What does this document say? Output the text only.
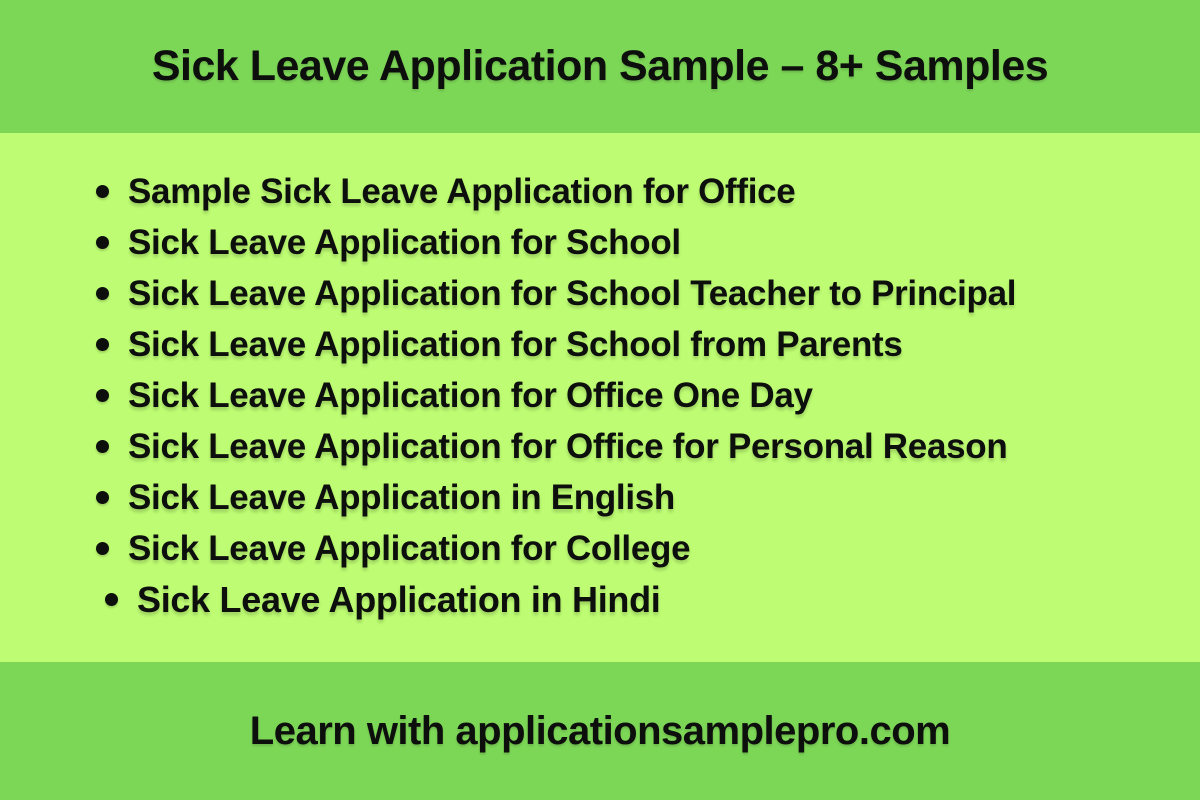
Sick Leave Application Sample – 8+ Samples
Sample Sick Leave Application for Office
Sick Leave Application for School
Sick Leave Application for School Teacher to Principal
Sick Leave Application for School from Parents
Sick Leave Application for Office One Day
Sick Leave Application for Office for Personal Reason
Sick Leave Application in English
Sick Leave Application for College
Sick Leave Application in Hindi
Learn with applicationsamplepro.com
